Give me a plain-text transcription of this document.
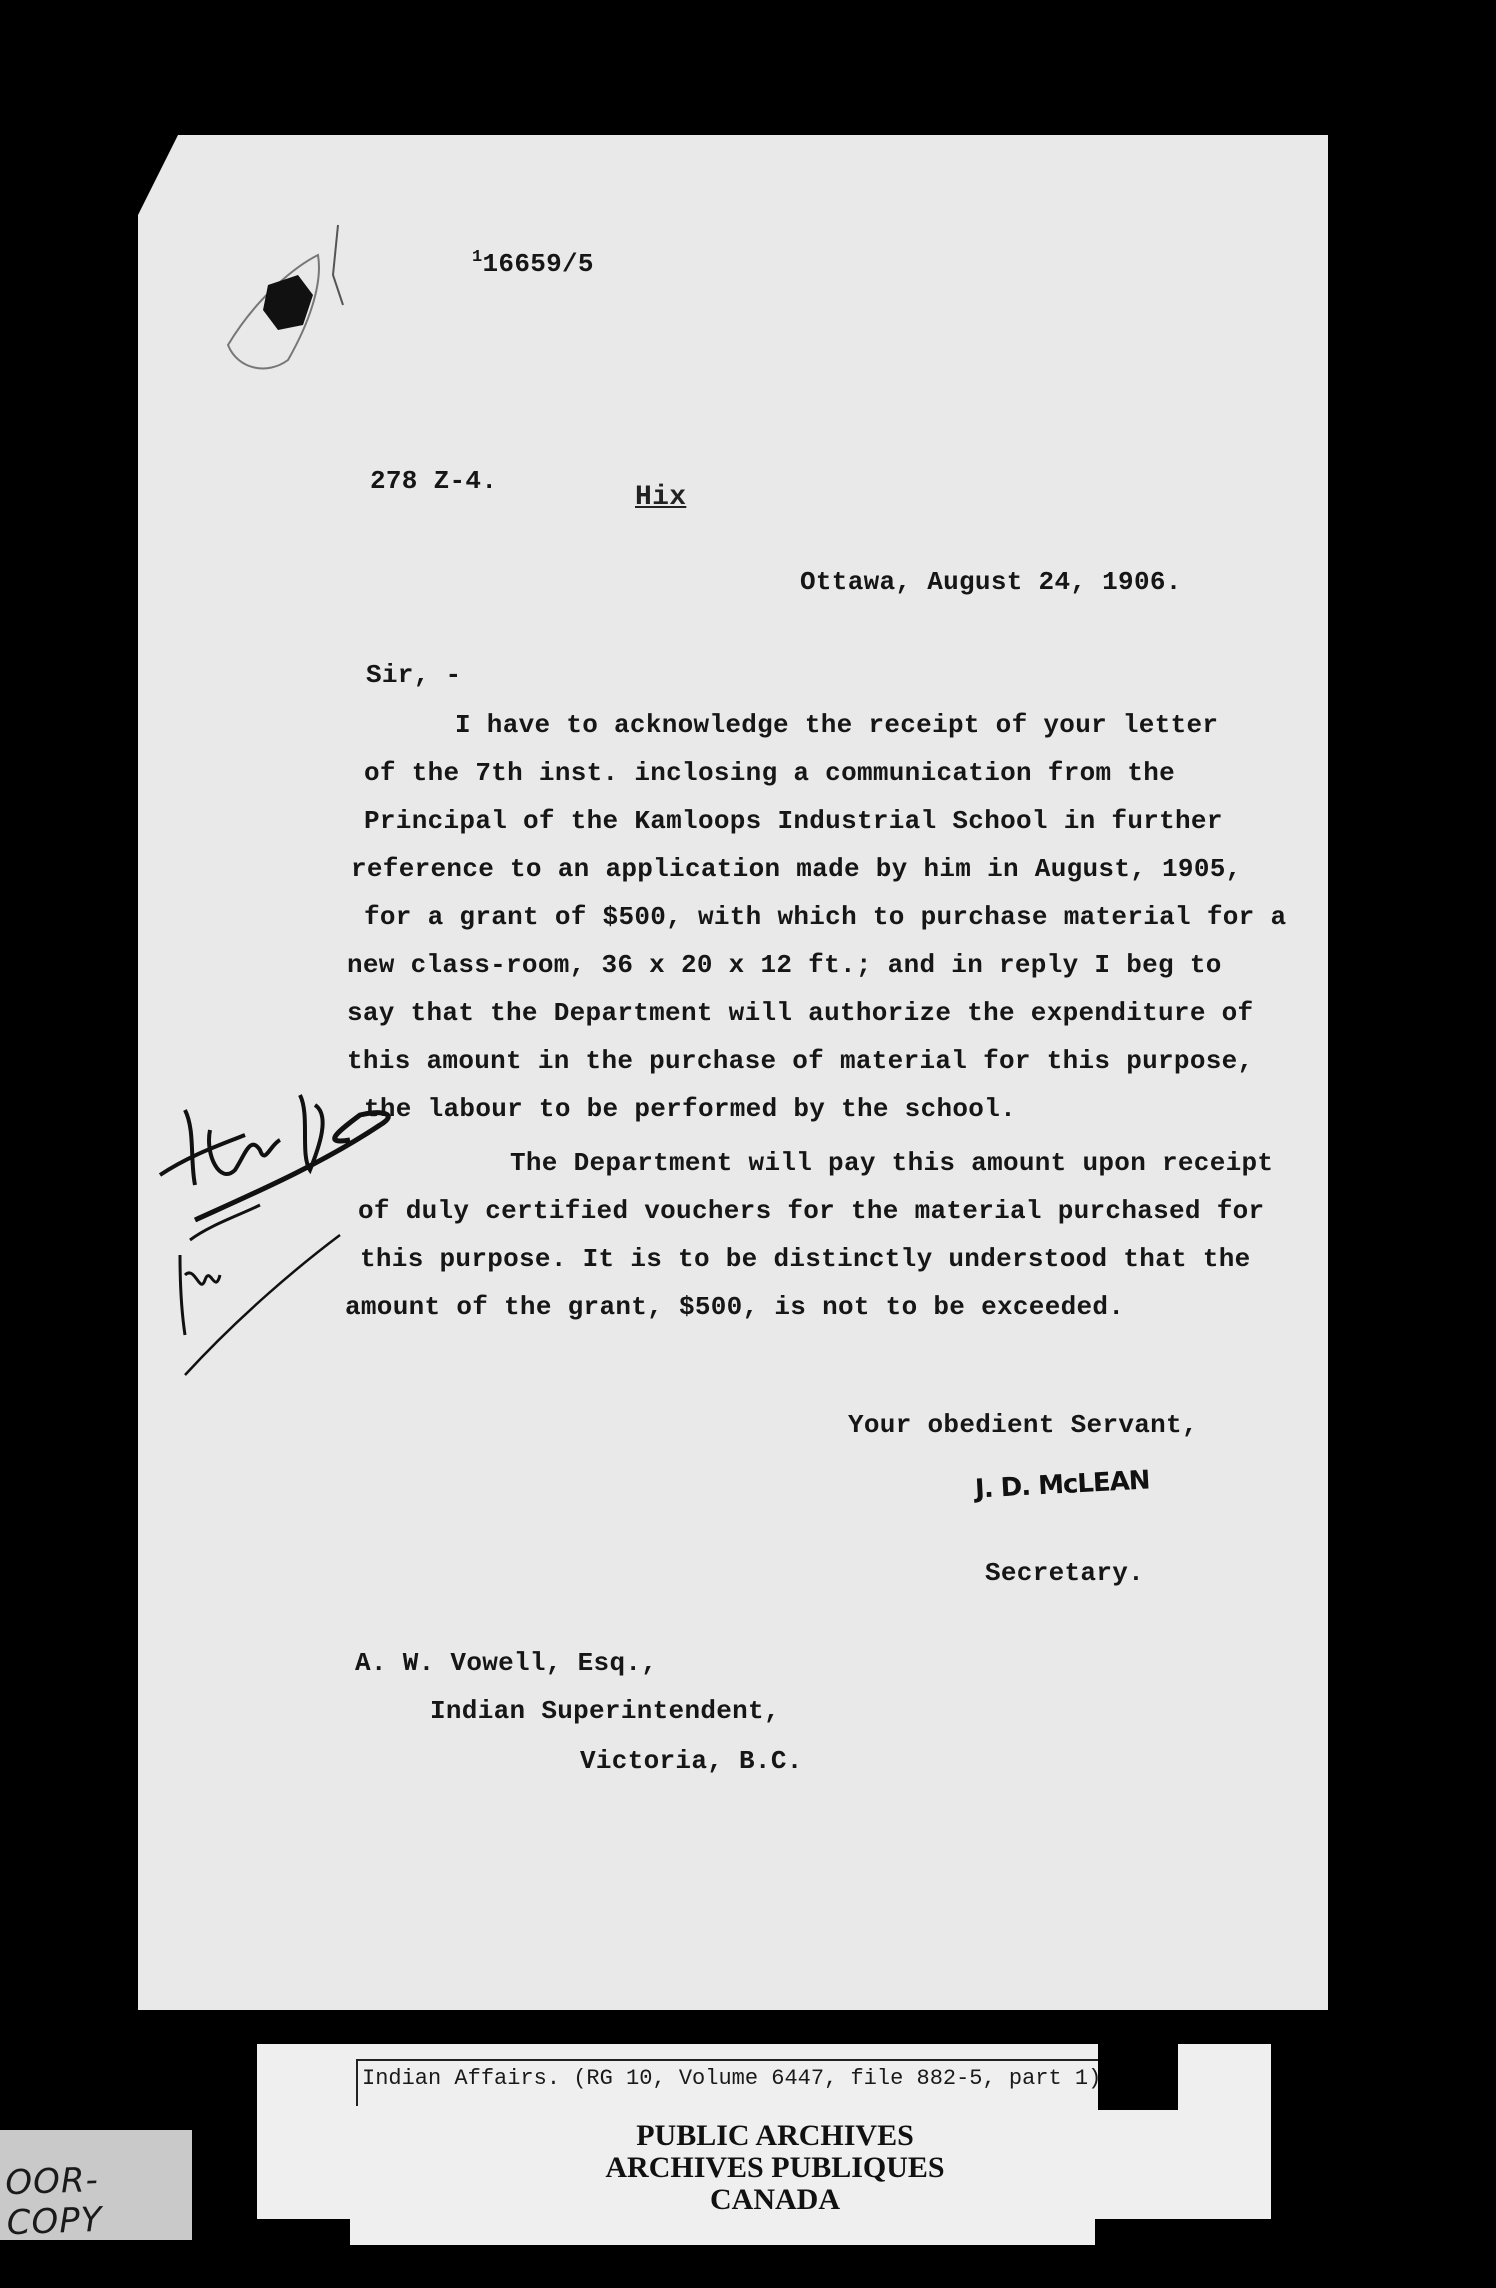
$^1$16659/5
278 Z-4.
Hix
Ottawa, August 24, 1906.
Sir, -
I have to acknowledge the receipt of your letter
of the 7th inst. inclosing a communication from the
Principal of the Kamloops Industrial School in further
reference to an application made by him in August, 1905,
for a grant of $500, with which to purchase material for a
new class-room, 36 x 20 x 12 ft.; and in reply I beg to
say that the Department will authorize the expenditure of
this amount in the purchase of material for this purpose,
the labour to be performed by the school.
The Department will pay this amount upon receipt
of duly certified vouchers for the material purchased for
this purpose. It is to be distinctly understood that the
amount of the grant, $500, is not to be exceeded.
Your obedient Servant,
J. D. McLEAN
Secretary.
A. W. Vowell, Esq.,
Indian Superintendent,
Victoria, B.C.
Indian Affairs. (RG 10, Volume 6447, file 882-5, part 1)
PUBLIC ARCHIVES
ARCHIVES PUBLIQUES
CANADA
OOR-COPY
